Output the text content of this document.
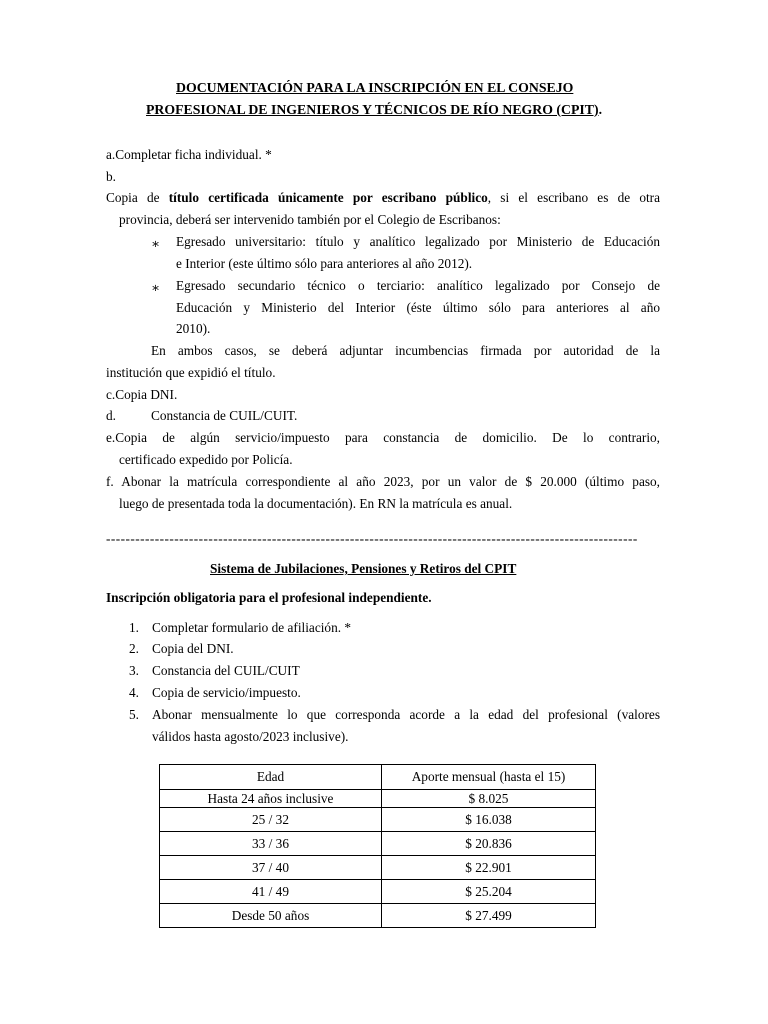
DOCUMENTACIÓN PARA LA INSCRIPCIÓN EN EL CONSEJO
PROFESIONAL DE INGENIEROS Y TÉCNICOS DE RÍO NEGRO (CPIT).
a.Completar ficha individual. *
b.
Copia de título certificada únicamente por escribano público, si el escribano es de otra
provincia, deberá ser intervenido también por el Colegio de Escribanos:
∗ Egresado universitario: título y analítico legalizado por Ministerio de Educación
e Interior (este último sólo para anteriores al año 2012).
∗ Egresado secundario técnico o terciario: analítico legalizado por Consejo de
Educación y Ministerio del Interior (éste último sólo para anteriores al año
2010).
En ambos casos, se deberá adjuntar incumbencias firmada por autoridad de la
institución que expidió el título.
c.Copia DNI.
d.	Constancia de CUIL/CUIT.
e.Copia de algún servicio/impuesto para constancia de domicilio. De lo contrario,
certificado expedido por Policía.
f. Abonar la matrícula correspondiente al año 2023, por un valor de $ 20.000 (último paso,
luego de presentada toda la documentación). En RN la matrícula es anual.
-------------------------------------------------------------------------------------------------------------
Sistema de Jubilaciones, Pensiones y Retiros del CPIT
Inscripción obligatoria para el profesional independiente.
1. Completar formulario de afiliación. *
2. Copia del DNI.
3. Constancia del CUIL/CUIT
4. Copia de servicio/impuesto.
5. Abonar mensualmente lo que corresponda acorde a la edad del profesional (valores
válidos hasta agosto/2023 inclusive).
Edad	Aporte mensual (hasta el 15)
Hasta 24 años inclusive	$ 8.025
25 / 32	$ 16.038
33 / 36	$ 20.836
37 / 40	$ 22.901
41 / 49	$ 25.204
Desde 50 años	$ 27.499
